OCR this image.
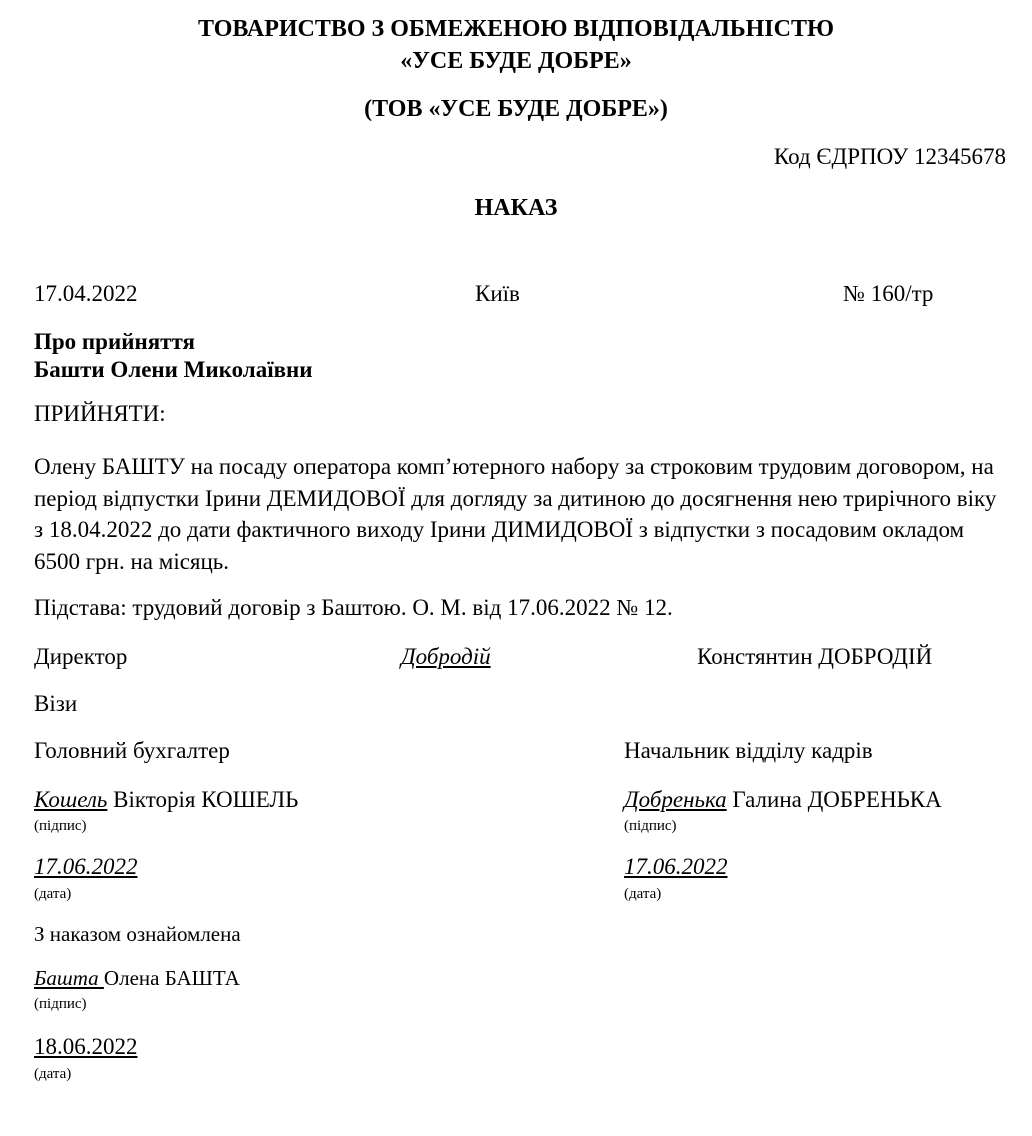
ТОВАРИСТВО З ОБМЕЖЕНОЮ ВІДПОВІДАЛЬНІСТЮ
«УСЕ БУДЕ ДОБРЕ»
(ТОВ «УСЕ БУДЕ ДОБРЕ»)
Код ЄДРПОУ 12345678
НАКАЗ
17.04.2022	Київ	№ 160/тр
Про прийняття
Башти Олени Миколаївни
ПРИЙНЯТИ:
Олену БАШТУ на посаду оператора комп’ютерного набору за строковим трудовим договором, на період відпустки Ірини ДЕМИДОВОЇ для догляду за дитиною до досягнення нею трирічного віку з 18.04.2022 до дати фактичного виходу Ірини ДИМИДОВОЇ з відпустки з посадовим окладом 6500 грн. на місяць.
Підстава: трудовий договір з Баштою. О. М. від 17.06.2022 № 12.
Директор	Добродій	Констянтин ДОБРОДІЙ
Візи
Головний бухгалтер	Начальник відділу кадрів
Кошель Вікторія КОШЕЛЬ	Добренька Галина ДОБРЕНЬКА
(підпис)	(підпис)
17.06.2022	17.06.2022
(дата)	(дата)
З наказом ознайомлена
Башта Олена БАШТА
(підпис)
18.06.2022
(дата)
